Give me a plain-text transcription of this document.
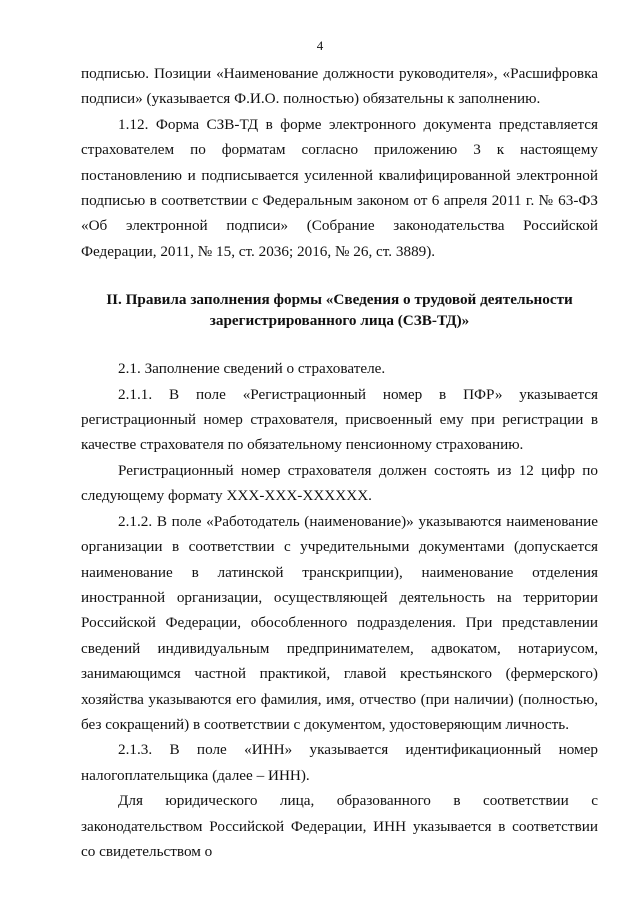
4

подписью. Позиции «Наименование должности руководителя», «Расшифровка подписи» (указывается Ф.И.О. полностью) обязательны к заполнению.

1.12. Форма СЗВ-ТД в форме электронного документа представляется страхователем по форматам согласно приложению 3 к настоящему постановлению и подписывается усиленной квалифицированной электронной подписью в соответствии с Федеральным законом от 6 апреля 2011 г. № 63-ФЗ «Об электронной подписи» (Собрание законодательства Российской Федерации, 2011, № 15, ст. 2036; 2016, № 26, ст. 3889).

II. Правила заполнения формы «Сведения о трудовой деятельности
зарегистрированного лица (СЗВ-ТД)»

2.1. Заполнение сведений о страхователе.

2.1.1. В поле «Регистрационный номер в ПФР» указывается регистрационный номер страхователя, присвоенный ему при регистрации в качестве страхователя по обязательному пенсионному страхованию.

Регистрационный номер страхователя должен состоять из 12 цифр по следующему формату ХХХ-ХХХ-ХХХХХХ.

2.1.2. В поле «Работодатель (наименование)» указываются наименование организации в соответствии с учредительными документами (допускается наименование в латинской транскрипции), наименование отделения иностранной организации, осуществляющей деятельность на территории Российской Федерации, обособленного подразделения. При представлении сведений индивидуальным предпринимателем, адвокатом, нотариусом, занимающимся частной практикой, главой крестьянского (фермерского) хозяйства указываются его фамилия, имя, отчество (при наличии) (полностью, без сокращений) в соответствии с документом, удостоверяющим личность.

2.1.3. В поле «ИНН» указывается идентификационный номер налогоплательщика (далее – ИНН).

Для юридического лица, образованного в соответствии с законодательством Российской Федерации, ИНН указывается в соответствии со свидетельством о
